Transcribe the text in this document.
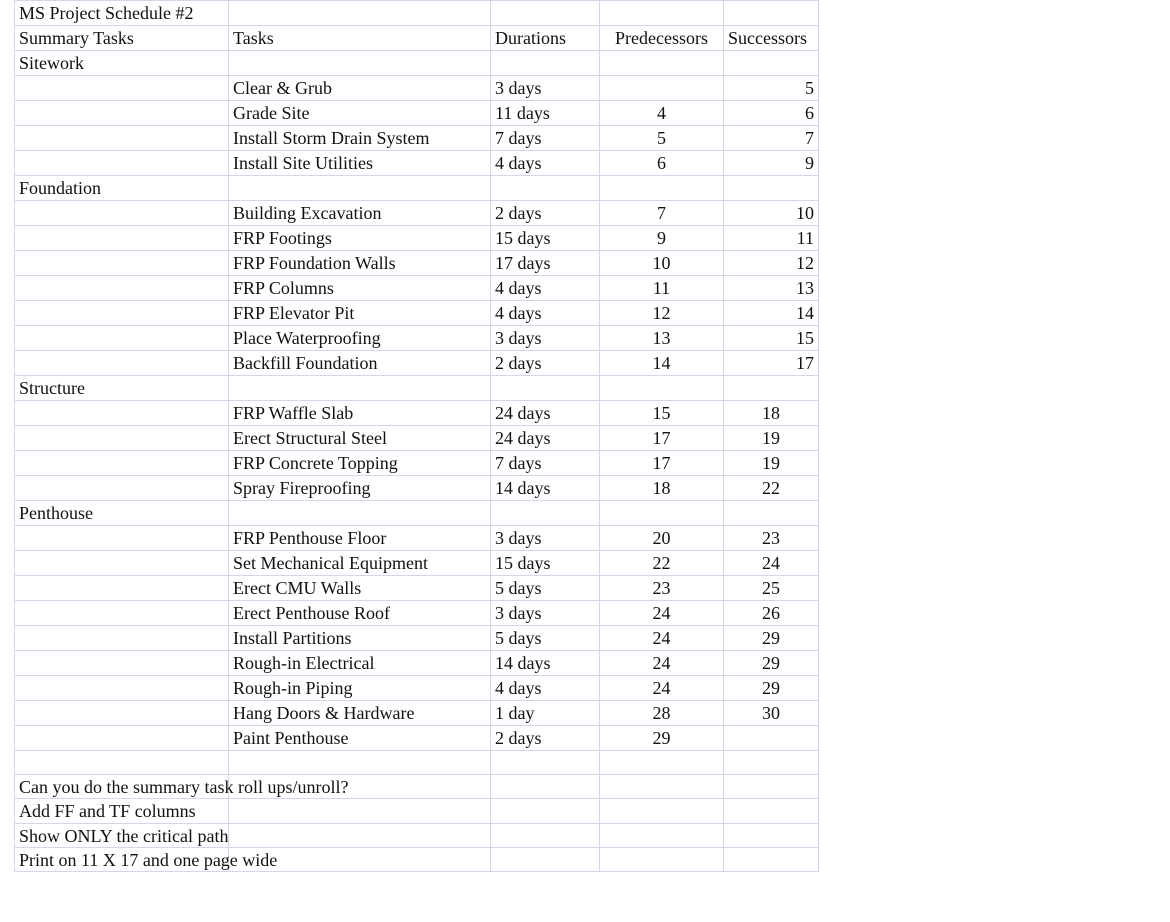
MS Project Schedule #2				
Summary Tasks	Tasks	Durations	Predecessors	Successors
Sitework				
	Clear & Grub	3 days		5
	Grade Site	11 days	4	6
	Install Storm Drain System	7 days	5	7
	Install Site Utilities	4 days	6	9
Foundation				
	Building Excavation	2 days	7	10
	FRP Footings	15 days	9	11
	FRP Foundation Walls	17 days	10	12
	FRP Columns	4 days	11	13
	FRP Elevator Pit	4 days	12	14
	Place Waterproofing	3 days	13	15
	Backfill Foundation	2 days	14	17
Structure				
	FRP Waffle Slab	24 days	15	18
	Erect Structural Steel	24 days	17	19
	FRP Concrete Topping	7 days	17	19
	Spray Fireproofing	14 days	18	22
Penthouse				
	FRP Penthouse Floor	3 days	20	23
	Set Mechanical Equipment	15 days	22	24
	Erect CMU Walls	5 days	23	25
	Erect Penthouse Roof	3 days	24	26
	Install Partitions	5 days	24	29
	Rough-in Electrical	14 days	24	29
	Rough-in Piping	4 days	24	29
	Hang Doors & Hardware	1 day	28	30
	Paint Penthouse	2 days	29	

Can you do the summary task roll ups/unroll?				

Add FF and TF columns				

Show ONLY the critical path				

Print on 11 X 17 and one page wide				
